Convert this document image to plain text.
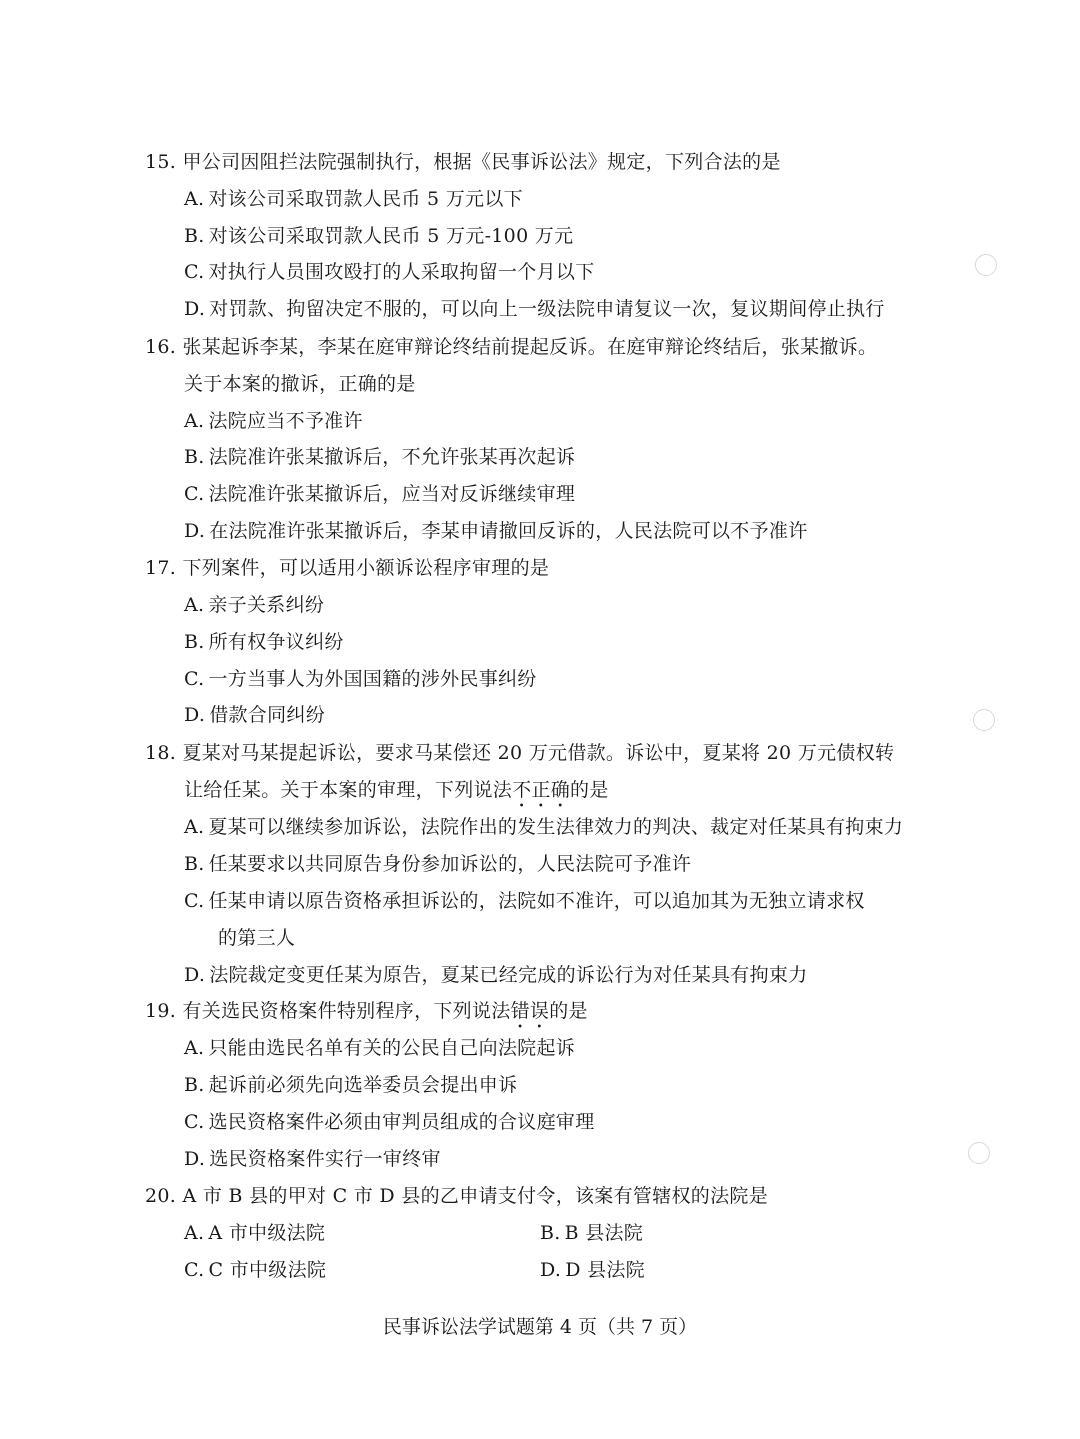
15. 甲公司因阻拦法院强制执行，根据《民事诉讼法》规定，下列合法的是
A. 对该公司采取罚款人民币 5 万元以下
B. 对该公司采取罚款人民币 5 万元-100 万元
C. 对执行人员围攻殴打的人采取拘留一个月以下
D. 对罚款、拘留决定不服的，可以向上一级法院申请复议一次，复议期间停止执行
16. 张某起诉李某，李某在庭审辩论终结前提起反诉。在庭审辩论终结后，张某撤诉。
关于本案的撤诉，正确的是
A. 法院应当不予准许
B. 法院准许张某撤诉后，不允许张某再次起诉
C. 法院准许张某撤诉后，应当对反诉继续审理
D. 在法院准许张某撤诉后，李某申请撤回反诉的，人民法院可以不予准许
17. 下列案件，可以适用小额诉讼程序审理的是
A. 亲子关系纠纷
B. 所有权争议纠纷
C. 一方当事人为外国国籍的涉外民事纠纷
D. 借款合同纠纷
18. 夏某对马某提起诉讼，要求马某偿还 20 万元借款。诉讼中，夏某将 20 万元债权转
让给任某。关于本案的审理，下列说法不正确的是
A. 夏某可以继续参加诉讼，法院作出的发生法律效力的判决、裁定对任某具有拘束力
B. 任某要求以共同原告身份参加诉讼的，人民法院可予准许
C. 任某申请以原告资格承担诉讼的，法院如不准许，可以追加其为无独立请求权
的第三人
D. 法院裁定变更任某为原告，夏某已经完成的诉讼行为对任某具有拘束力
19. 有关选民资格案件特别程序，下列说法错误的是
A. 只能由选民名单有关的公民自己向法院起诉
B. 起诉前必须先向选举委员会提出申诉
C. 选民资格案件必须由审判员组成的合议庭审理
D. 选民资格案件实行一审终审
20. A 市 B 县的甲对 C 市 D 县的乙申请支付令，该案有管辖权的法院是
A. A 市中级法院	B. B 县法院
C. C 市中级法院	D. D 县法院
民事诉讼法学试题第 4 页（共 7 页）
